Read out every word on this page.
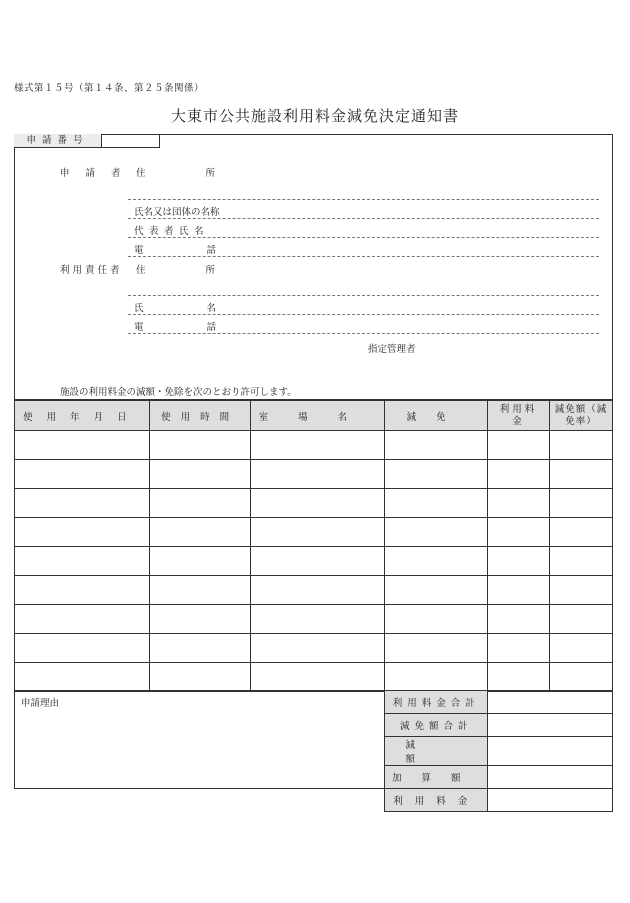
様式第１５号（第１４条、第２５条関係）
大東市公共施設利用料金減免決定通知書
申請番号
申請者 住所
氏名又は団体の名称
代表者氏名
電話
利用責任者 住所
氏名
電話
指定管理者
施設の利用料金の減額・免除を次のとおり許可します。
使用年月日	使用時間	室場名	減免	利用料金	減免額（減免率）

申請理由	利用料金合計	
	減免額合計	
	減額	
	加算額	
	利用料金	
